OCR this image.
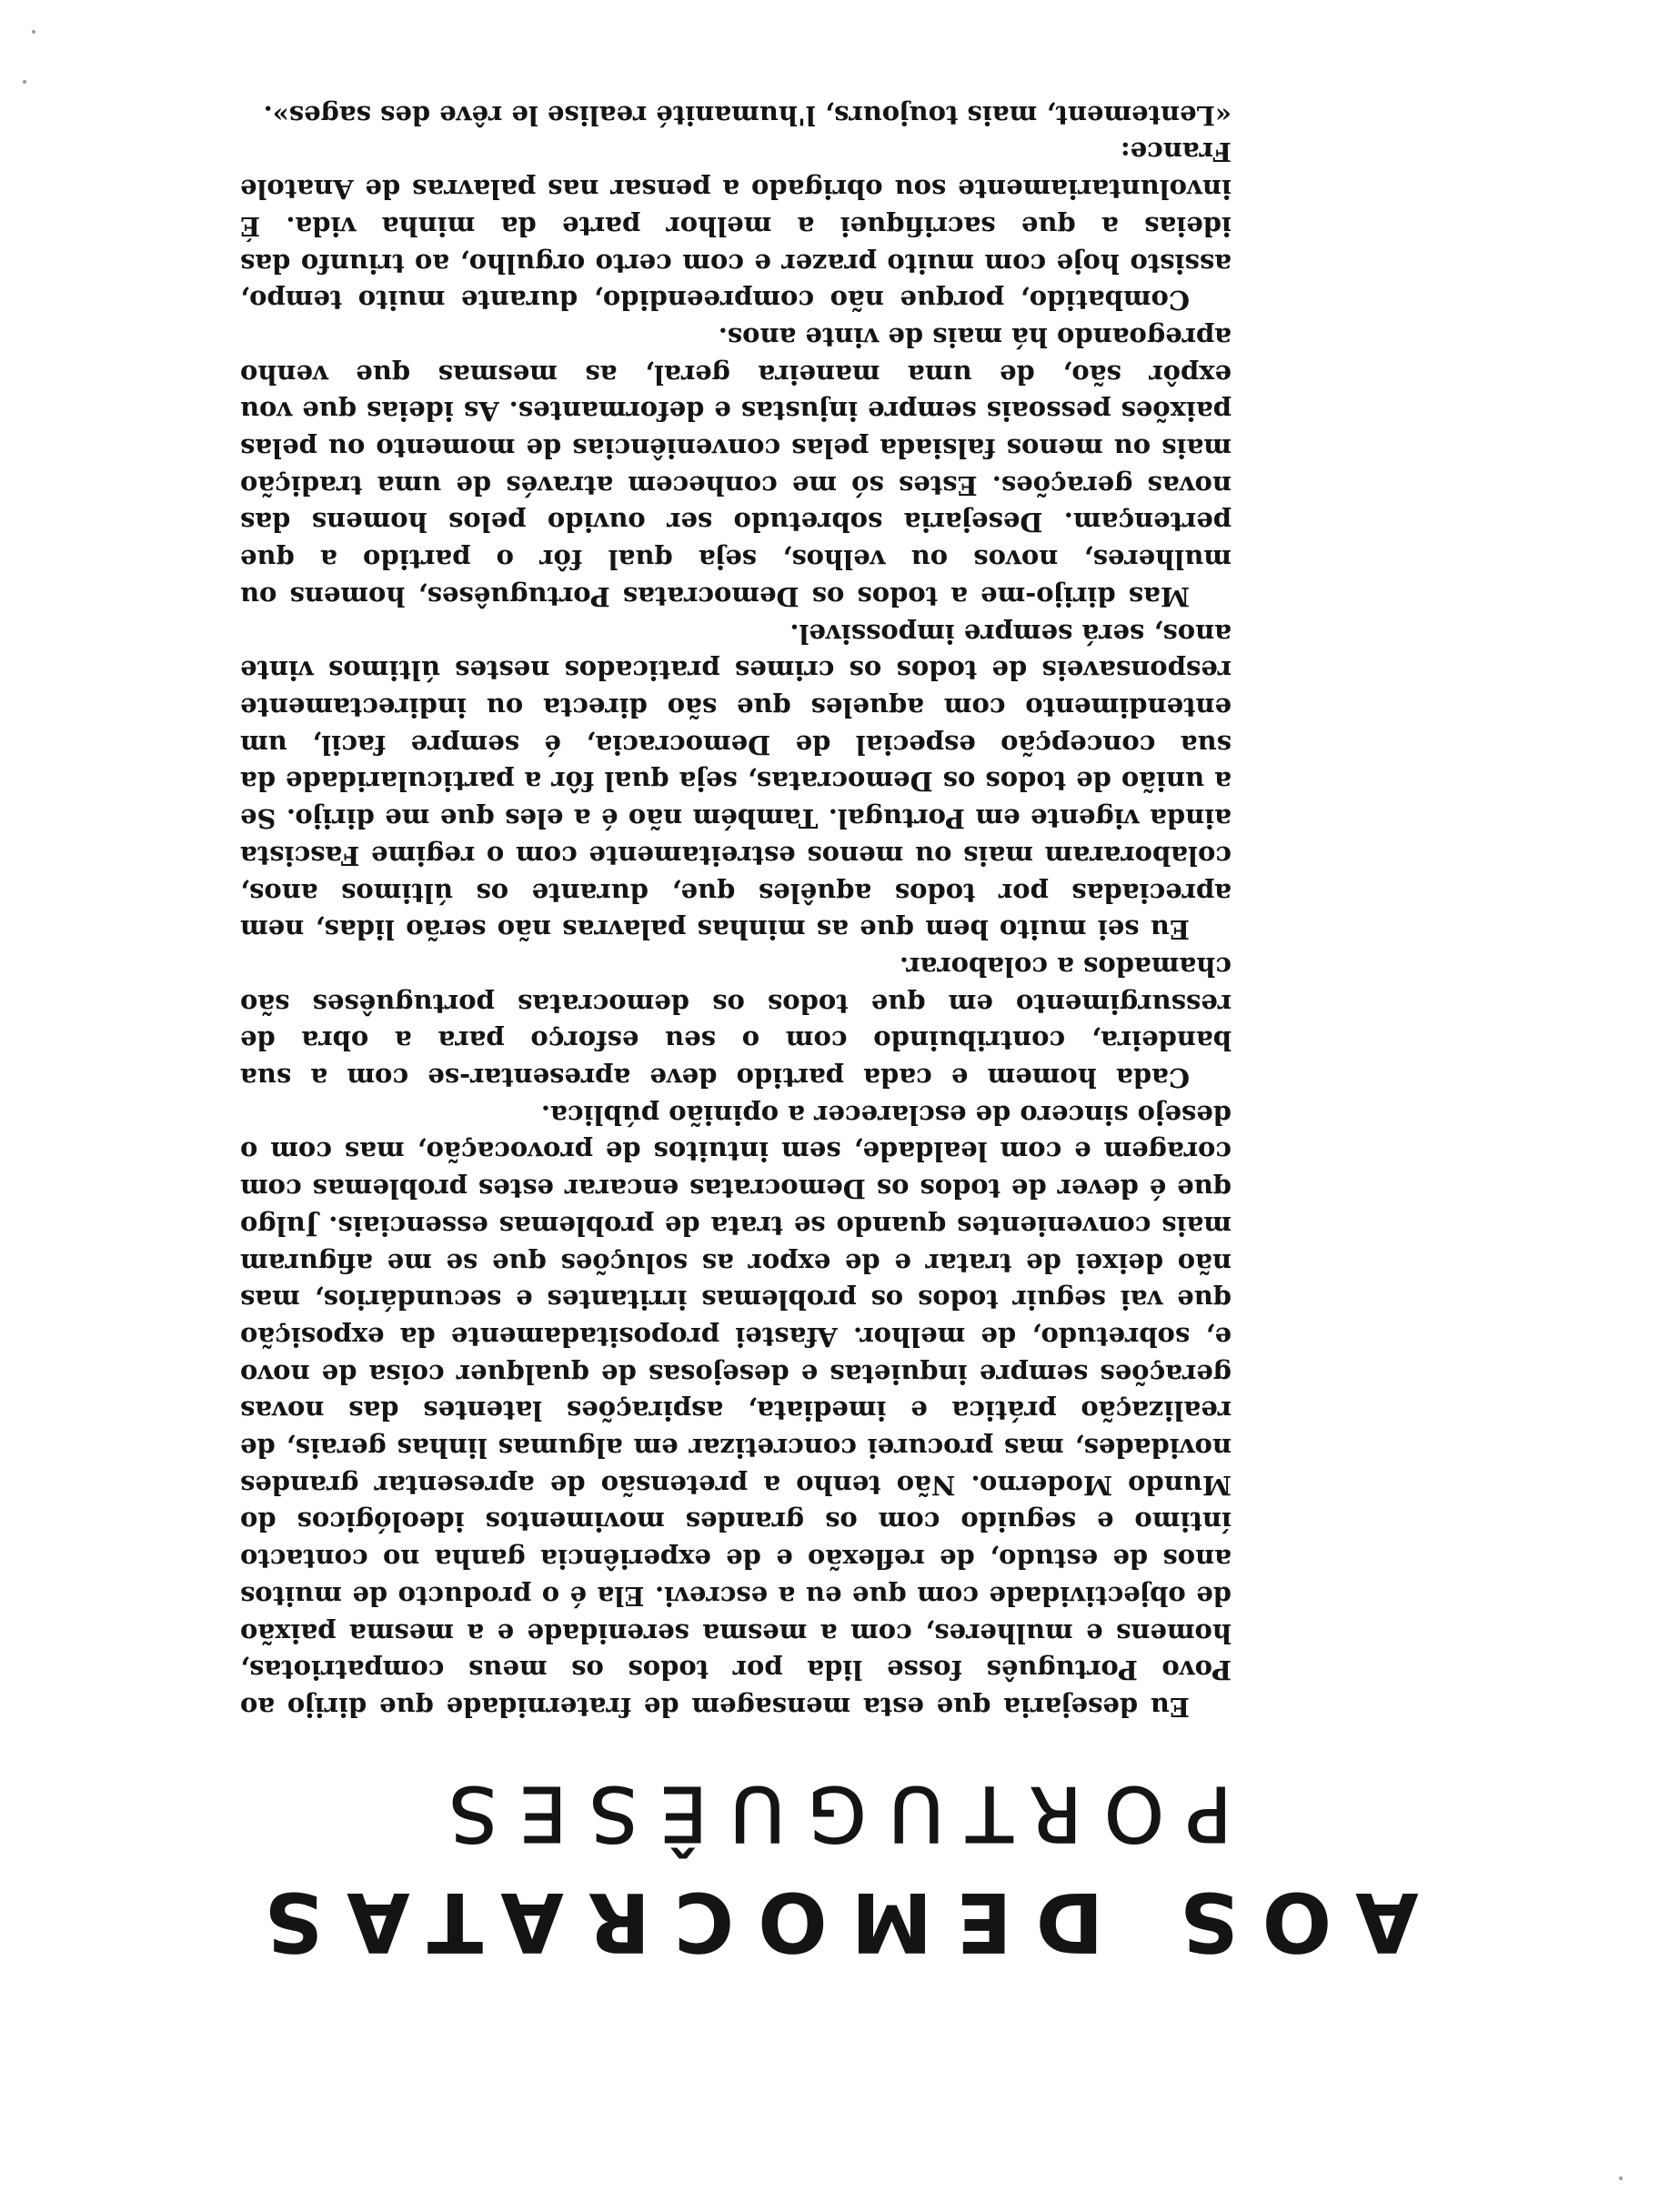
AOS DEMOCRATAS
PORTUGUÊSES

Eu desejaria que esta mensagem de fraternidade que dirijo ao Povo Português fosse lida por todos os meus compatriotas, homens e mulheres, com a mesma serenidade e a mesma paixão de objectividade com que eu a escrevi. Ela é o producto de muitos anos de estudo, de reflexão e de experiência ganha no contacto íntimo e seguido com os grandes movimentos ideológicos do Mundo Moderno. Não tenho a pretensão de apresentar grandes novidades, mas procurei concretizar em algumas linhas gerais, de realização prática e imediata, aspirações latentes das novas gerações sempre inquietas e desejosas de qualquer coisa de novo e, sobretudo, de melhor. Afastei propositadamente da exposição que vai seguir todos os problemas irritantes e secundários, mas não deixei de tratar e de expor as soluções que se me afiguram mais convenientes quando se trata de problemas essenciais. Julgo que é dever de todos os Democratas encarar estes problemas com coragem e com lealdade, sem intuitos de provocação, mas com o desejo sincero de esclarecer a opinião pública.

Cada homem e cada partido deve apresentar-se com a sua bandeira, contribuindo com o seu esforço para a obra de ressurgimento em que todos os democratas portuguêses são chamados a colaborar.

Eu sei muito bem que as minhas palavras não serão lidas, nem apreciadas por todos aquêles que, durante os últimos anos, colaboraram mais ou menos estreitamente com o regime Fascista ainda vigente em Portugal. Também não é a eles que me dirijo. Se a união de todos os Democratas, seja qual fôr a particularidade da sua concepção especial de Democracia, é sempre facil, um entendimento com aqueles que são directa ou indirectamente responsaveis de todos os crimes praticados nestes últimos vinte anos, será sempre impossivel.

Mas dirijo-me a todos os Democratas Portuguêses, homens ou mulheres, novos ou velhos, seja qual fôr o partido a que pertençam. Desejaria sobretudo ser ouvido pelos homens das novas gerações. Estes só me conhecem através de uma tradição mais ou menos falsiada pelas conveniências de momento ou pelas paixões pessoais sempre injustas e deformantes. As ideias que vou expôr são, de uma maneira geral, as mesmas que venho apregoando há mais de vinte anos.

Combatido, porque não compreendido, durante muito tempo, assisto hoje com muito prazer e com certo orgulho, ao triunfo das ideias a que sacrifiquei a melhor parte da minha vida. É involuntariamente sou obrigado a pensar nas palavras de Anatole France:

«Lentement, mais toujours, l'humanité realise le rêve des sages».
